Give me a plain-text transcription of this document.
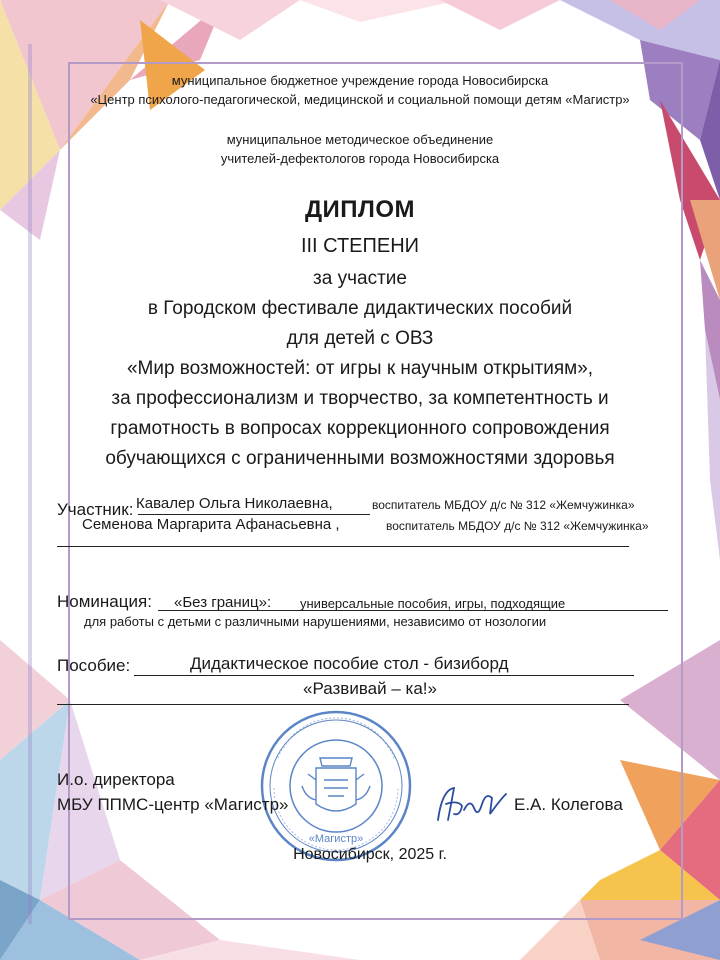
муниципальное бюджетное учреждение города Новосибирска
«Центр психолого-педагогической, медицинской и социальной помощи детям «Магистр»
муниципальное методическое объединение
учителей-дефектологов города Новосибирска
ДИПЛОМ
III СТЕПЕНИ
за участие
в Городском фестивале дидактических пособий
для детей с ОВЗ
«Мир возможностей: от игры к научным открытиям»,
за профессионализм и творчество, за компетентность и
грамотность в вопросах коррекционного сопровождения
обучающихся с ограниченными возможностями здоровья
Участник: Кавалер Ольга Николаевна,	воспитатель МБДОУ д/с № 312 «Жемчужинка»
Семенова Маргарита Афанасьевна ,	воспитатель МБДОУ д/с № 312 «Жемчужинка»
Номинация: «Без границ»: универсальные пособия, игры, подходящие
для работы с детьми с различными нарушениями, независимо от нозологии
Пособие:	Дидактическое пособие стол - бизиборд
«Развивай – ка!»
«Магистр»
И.о. директора
МБУ ППМС-центр «Магистр»	Е.А. Колегова
Новосибирск, 2025 г.
